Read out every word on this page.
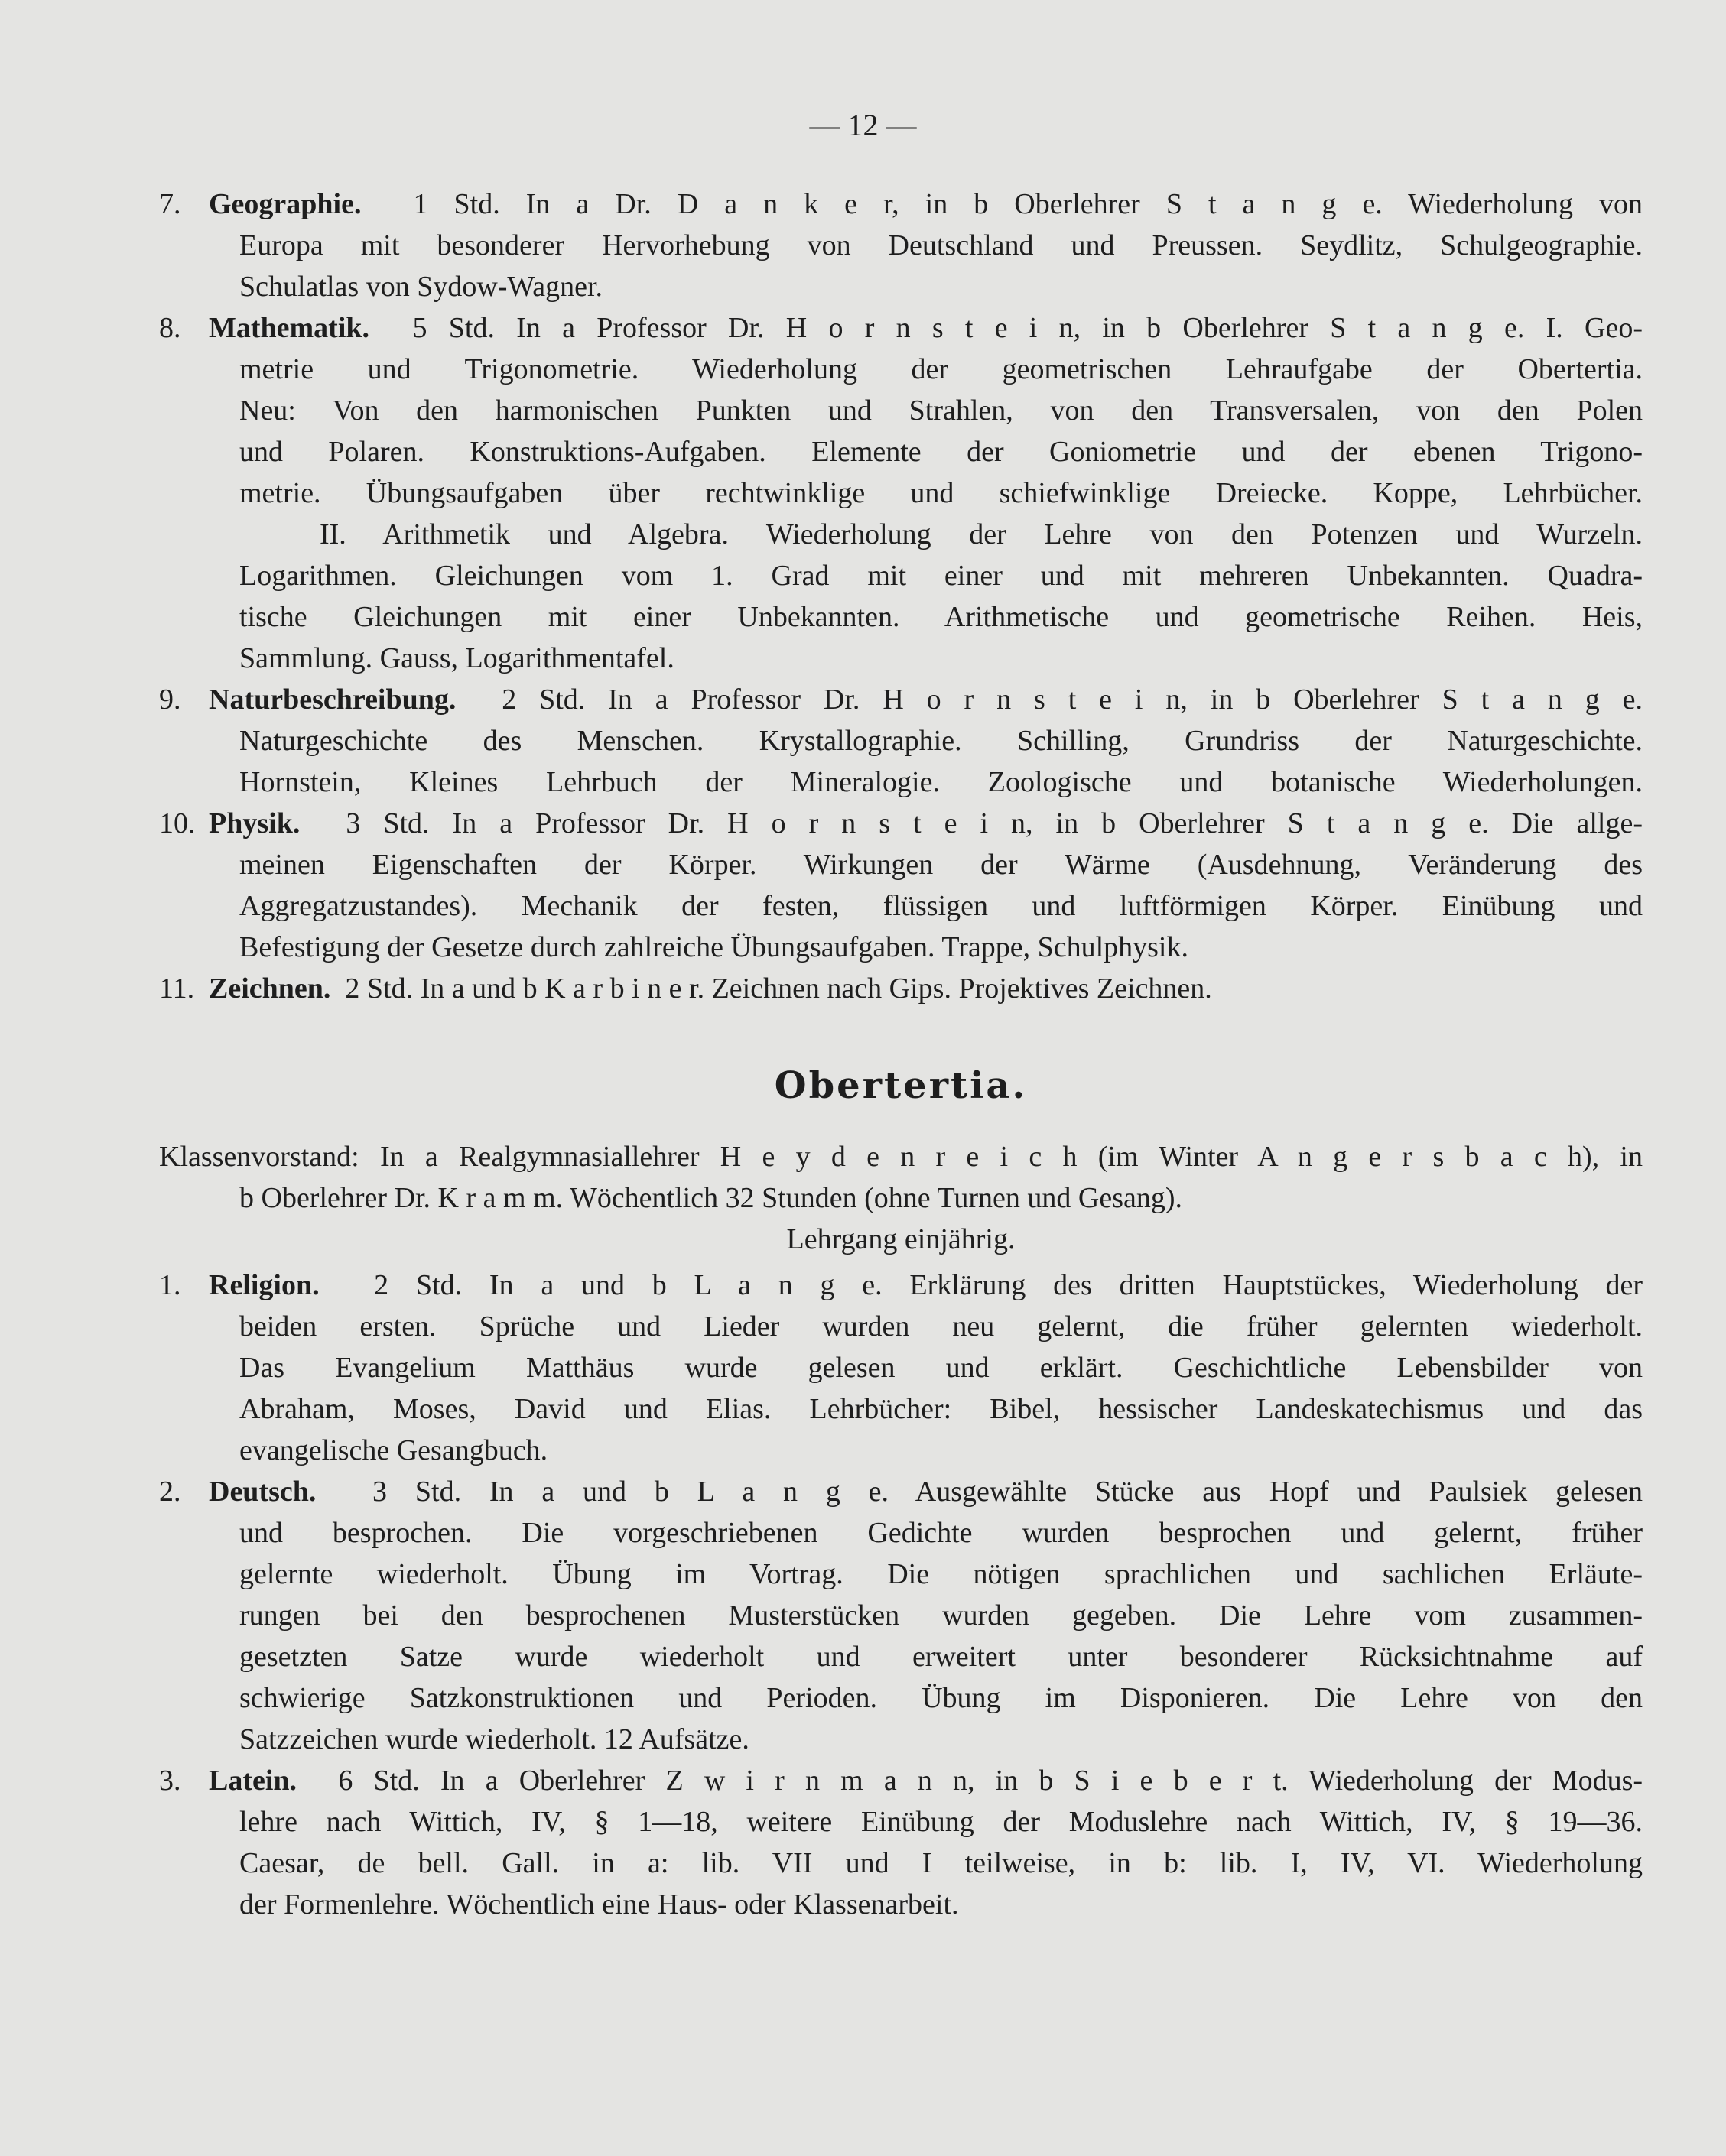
— 12 —
7. Geographie. 1 Std. In a Dr. D a n k e r, in b Oberlehrer S t a n g e. Wiederholung von
Europa mit besonderer Hervorhebung von Deutschland und Preussen. Seydlitz, Schulgeographie.
Schulatlas von Sydow-Wagner.
8. Mathematik. 5 Std. In a Professor Dr. H o r n s t e i n, in b Oberlehrer S t a n g e. I. Geo-
metrie und Trigonometrie. Wiederholung der geometrischen Lehraufgabe der Obertertia.
Neu: Von den harmonischen Punkten und Strahlen, von den Transversalen, von den Polen
und Polaren. Konstruktions-Aufgaben. Elemente der Goniometrie und der ebenen Trigono-
metrie. Übungsaufgaben über rechtwinklige und schiefwinklige Dreiecke. Koppe, Lehrbücher.
II. Arithmetik und Algebra. Wiederholung der Lehre von den Potenzen und Wurzeln.
Logarithmen. Gleichungen vom 1. Grad mit einer und mit mehreren Unbekannten. Quadra-
tische Gleichungen mit einer Unbekannten. Arithmetische und geometrische Reihen. Heis,
Sammlung. Gauss, Logarithmentafel.
9. Naturbeschreibung. 2 Std. In a Professor Dr. H o r n s t e i n, in b Oberlehrer S t a n g e.
Naturgeschichte des Menschen. Krystallographie. Schilling, Grundriss der Naturgeschichte.
Hornstein, Kleines Lehrbuch der Mineralogie. Zoologische und botanische Wiederholungen.
10. Physik. 3 Std. In a Professor Dr. H o r n s t e i n, in b Oberlehrer S t a n g e. Die allge-
meinen Eigenschaften der Körper. Wirkungen der Wärme (Ausdehnung, Veränderung des
Aggregatzustandes). Mechanik der festen, flüssigen und luftförmigen Körper. Einübung und
Befestigung der Gesetze durch zahlreiche Übungsaufgaben. Trappe, Schulphysik.
11. Zeichnen. 2 Std. In a und b K a r b i n e r. Zeichnen nach Gips. Projektives Zeichnen.
Obertertia.
Klassenvorstand: In a Realgymnasiallehrer H e y d e n r e i c h (im Winter A n g e r s b a c h), in
b Oberlehrer Dr. K r a m m. Wöchentlich 32 Stunden (ohne Turnen und Gesang).
Lehrgang einjährig.
1. Religion. 2 Std. In a und b L a n g e. Erklärung des dritten Hauptstückes, Wiederholung der
beiden ersten. Sprüche und Lieder wurden neu gelernt, die früher gelernten wiederholt.
Das Evangelium Matthäus wurde gelesen und erklärt. Geschichtliche Lebensbilder von
Abraham, Moses, David und Elias. Lehrbücher: Bibel, hessischer Landeskatechismus und das
evangelische Gesangbuch.
2. Deutsch. 3 Std. In a und b L a n g e. Ausgewählte Stücke aus Hopf und Paulsiek gelesen
und besprochen. Die vorgeschriebenen Gedichte wurden besprochen und gelernt, früher
gelernte wiederholt. Übung im Vortrag. Die nötigen sprachlichen und sachlichen Erläute-
rungen bei den besprochenen Musterstücken wurden gegeben. Die Lehre vom zusammen-
gesetzten Satze wurde wiederholt und erweitert unter besonderer Rücksichtnahme auf
schwierige Satzkonstruktionen und Perioden. Übung im Disponieren. Die Lehre von den
Satzzeichen wurde wiederholt. 12 Aufsätze.
3. Latein. 6 Std. In a Oberlehrer Z w i r n m a n n, in b S i e b e r t. Wiederholung der Modus-
lehre nach Wittich, IV, § 1—18, weitere Einübung der Moduslehre nach Wittich, IV, § 19—36.
Caesar, de bell. Gall. in a: lib. VII und I teilweise, in b: lib. I, IV, VI. Wiederholung
der Formenlehre. Wöchentlich eine Haus- oder Klassenarbeit.
